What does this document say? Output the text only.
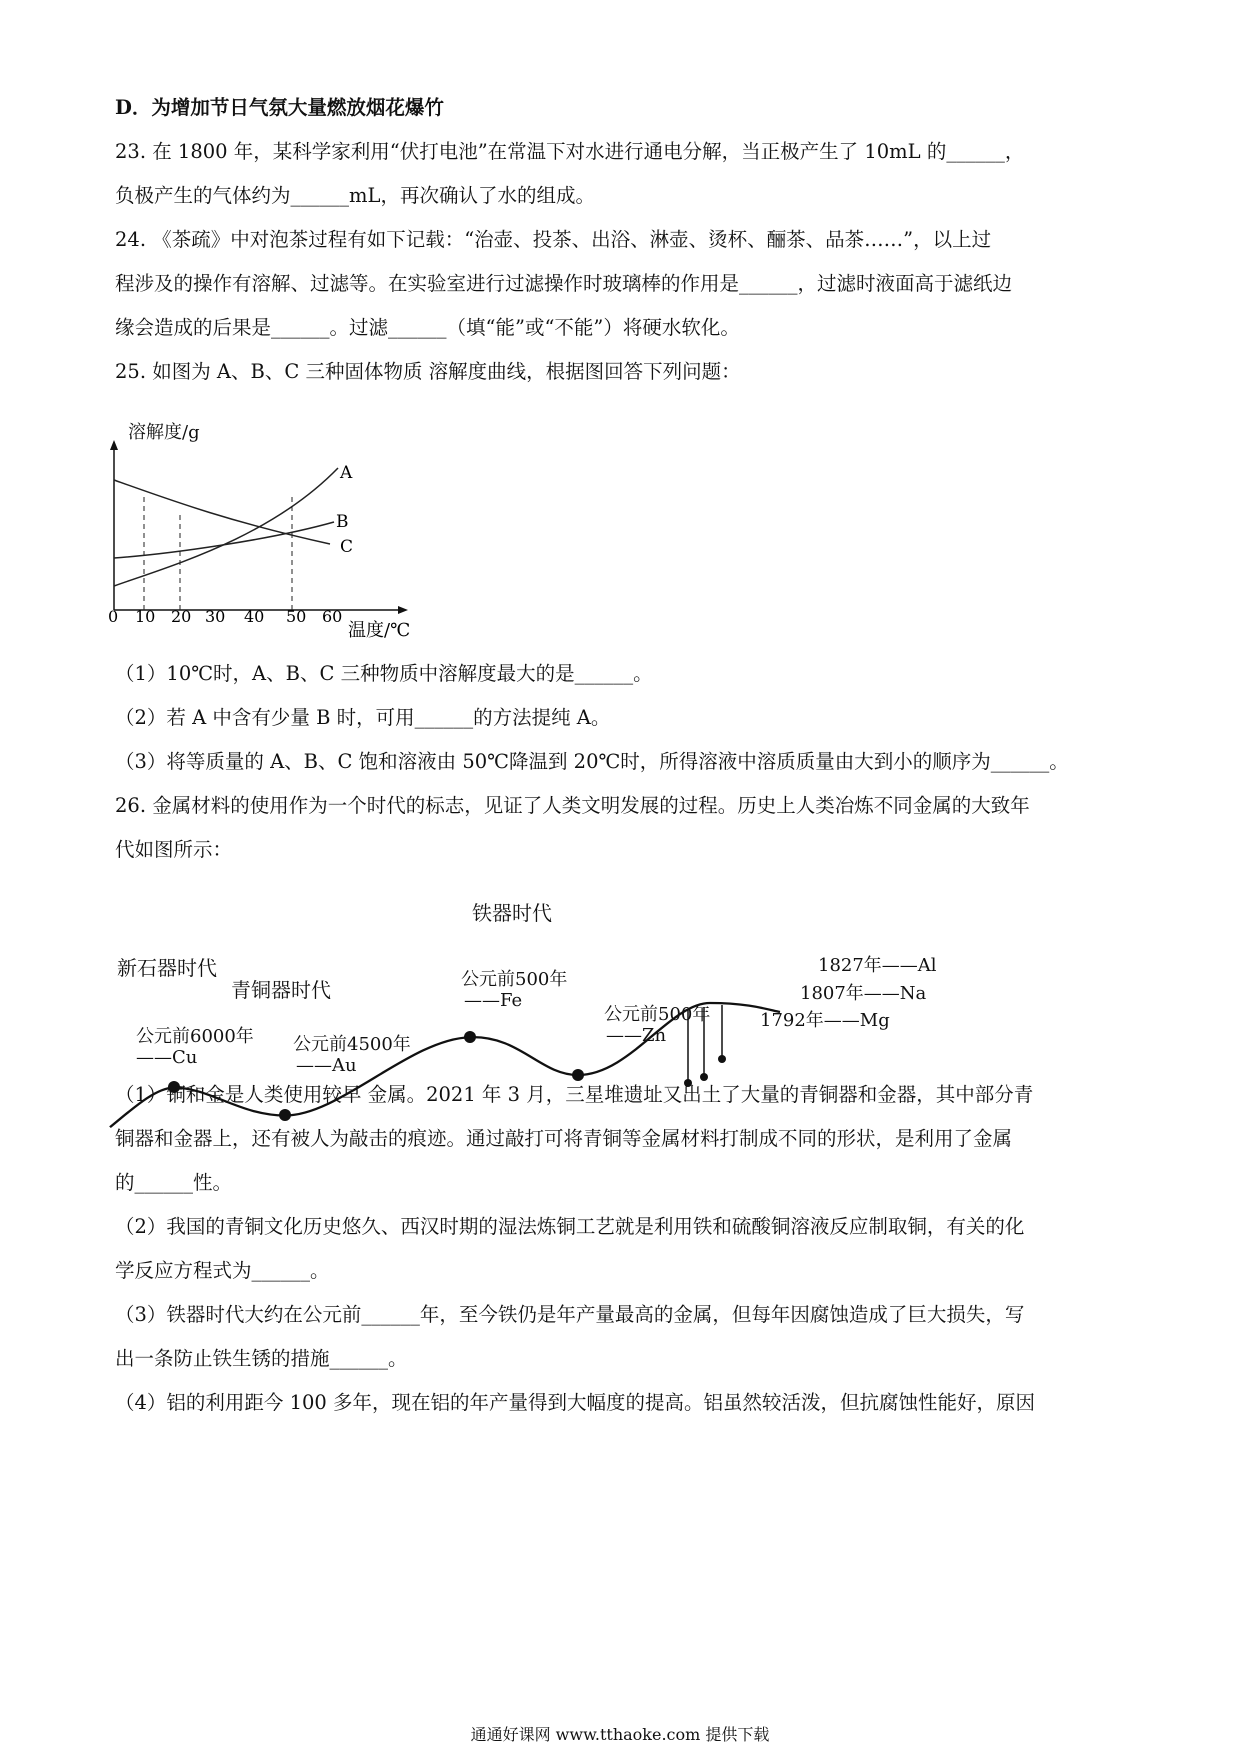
D．为增加节日气氛大量燃放烟花爆竹
23. 在 1800 年，某科学家利用“伏打电池”在常温下对水进行通电分解，当正极产生了 10mL 的______，
负极产生的气体约为______mL，再次确认了水的组成。
24. 《茶疏》中对泡茶过程有如下记载：“治壶、投茶、出浴、淋壶、烫杯、酾茶、品茶……”，以上过
程涉及的操作有溶解、过滤等。在实验室进行过滤操作时玻璃棒的作用是______，过滤时液面高于滤纸边
缘会造成的后果是______。过滤______（填“能”或“不能”）将硬水软化。
25. 如图为 A、B、C 三种固体物质 溶解度曲线，根据图回答下列问题：
A
B
C
0 10 20 30 40 50 60
温度/℃
溶解度/g
（1）10℃时，A、B、C 三种物质中溶解度最大的是______。
（2）若 A 中含有少量 B 时，可用______的方法提纯 A。
（3）将等质量的 A、B、C 饱和溶液由 50℃降温到 20℃时，所得溶液中溶质质量由大到小的顺序为______。
26. 金属材料的使用作为一个时代的标志，见证了人类文明发展的过程。历史上人类冶炼不同金属的大致年
代如图所示：
新石器时代
青铜器时代
铁器时代
公元前6000年
——Cu
公元前4500年
——Au
公元前500年
——Fe
公元前500年
——Zn
1827年——Al
1807年——Na
1792年——Mg
（1）铜和金是人类使用较早 金属。2021 年 3 月，三星堆遗址又出土了大量的青铜器和金器，其中部分青
铜器和金器上，还有被人为敲击的痕迹。通过敲打可将青铜等金属材料打制成不同的形状，是利用了金属
的______性。
（2）我国的青铜文化历史悠久、西汉时期的湿法炼铜工艺就是利用铁和硫酸铜溶液反应制取铜，有关的化
学反应方程式为______。
（3）铁器时代大约在公元前______年，至今铁仍是年产量最高的金属，但每年因腐蚀造成了巨大损失，写
出一条防止铁生锈的措施______。
（4）铝的利用距今 100 多年，现在铝的年产量得到大幅度的提高。铝虽然较活泼，但抗腐蚀性能好，原因
通通好课网 www.tthaoke.com 提供下载
